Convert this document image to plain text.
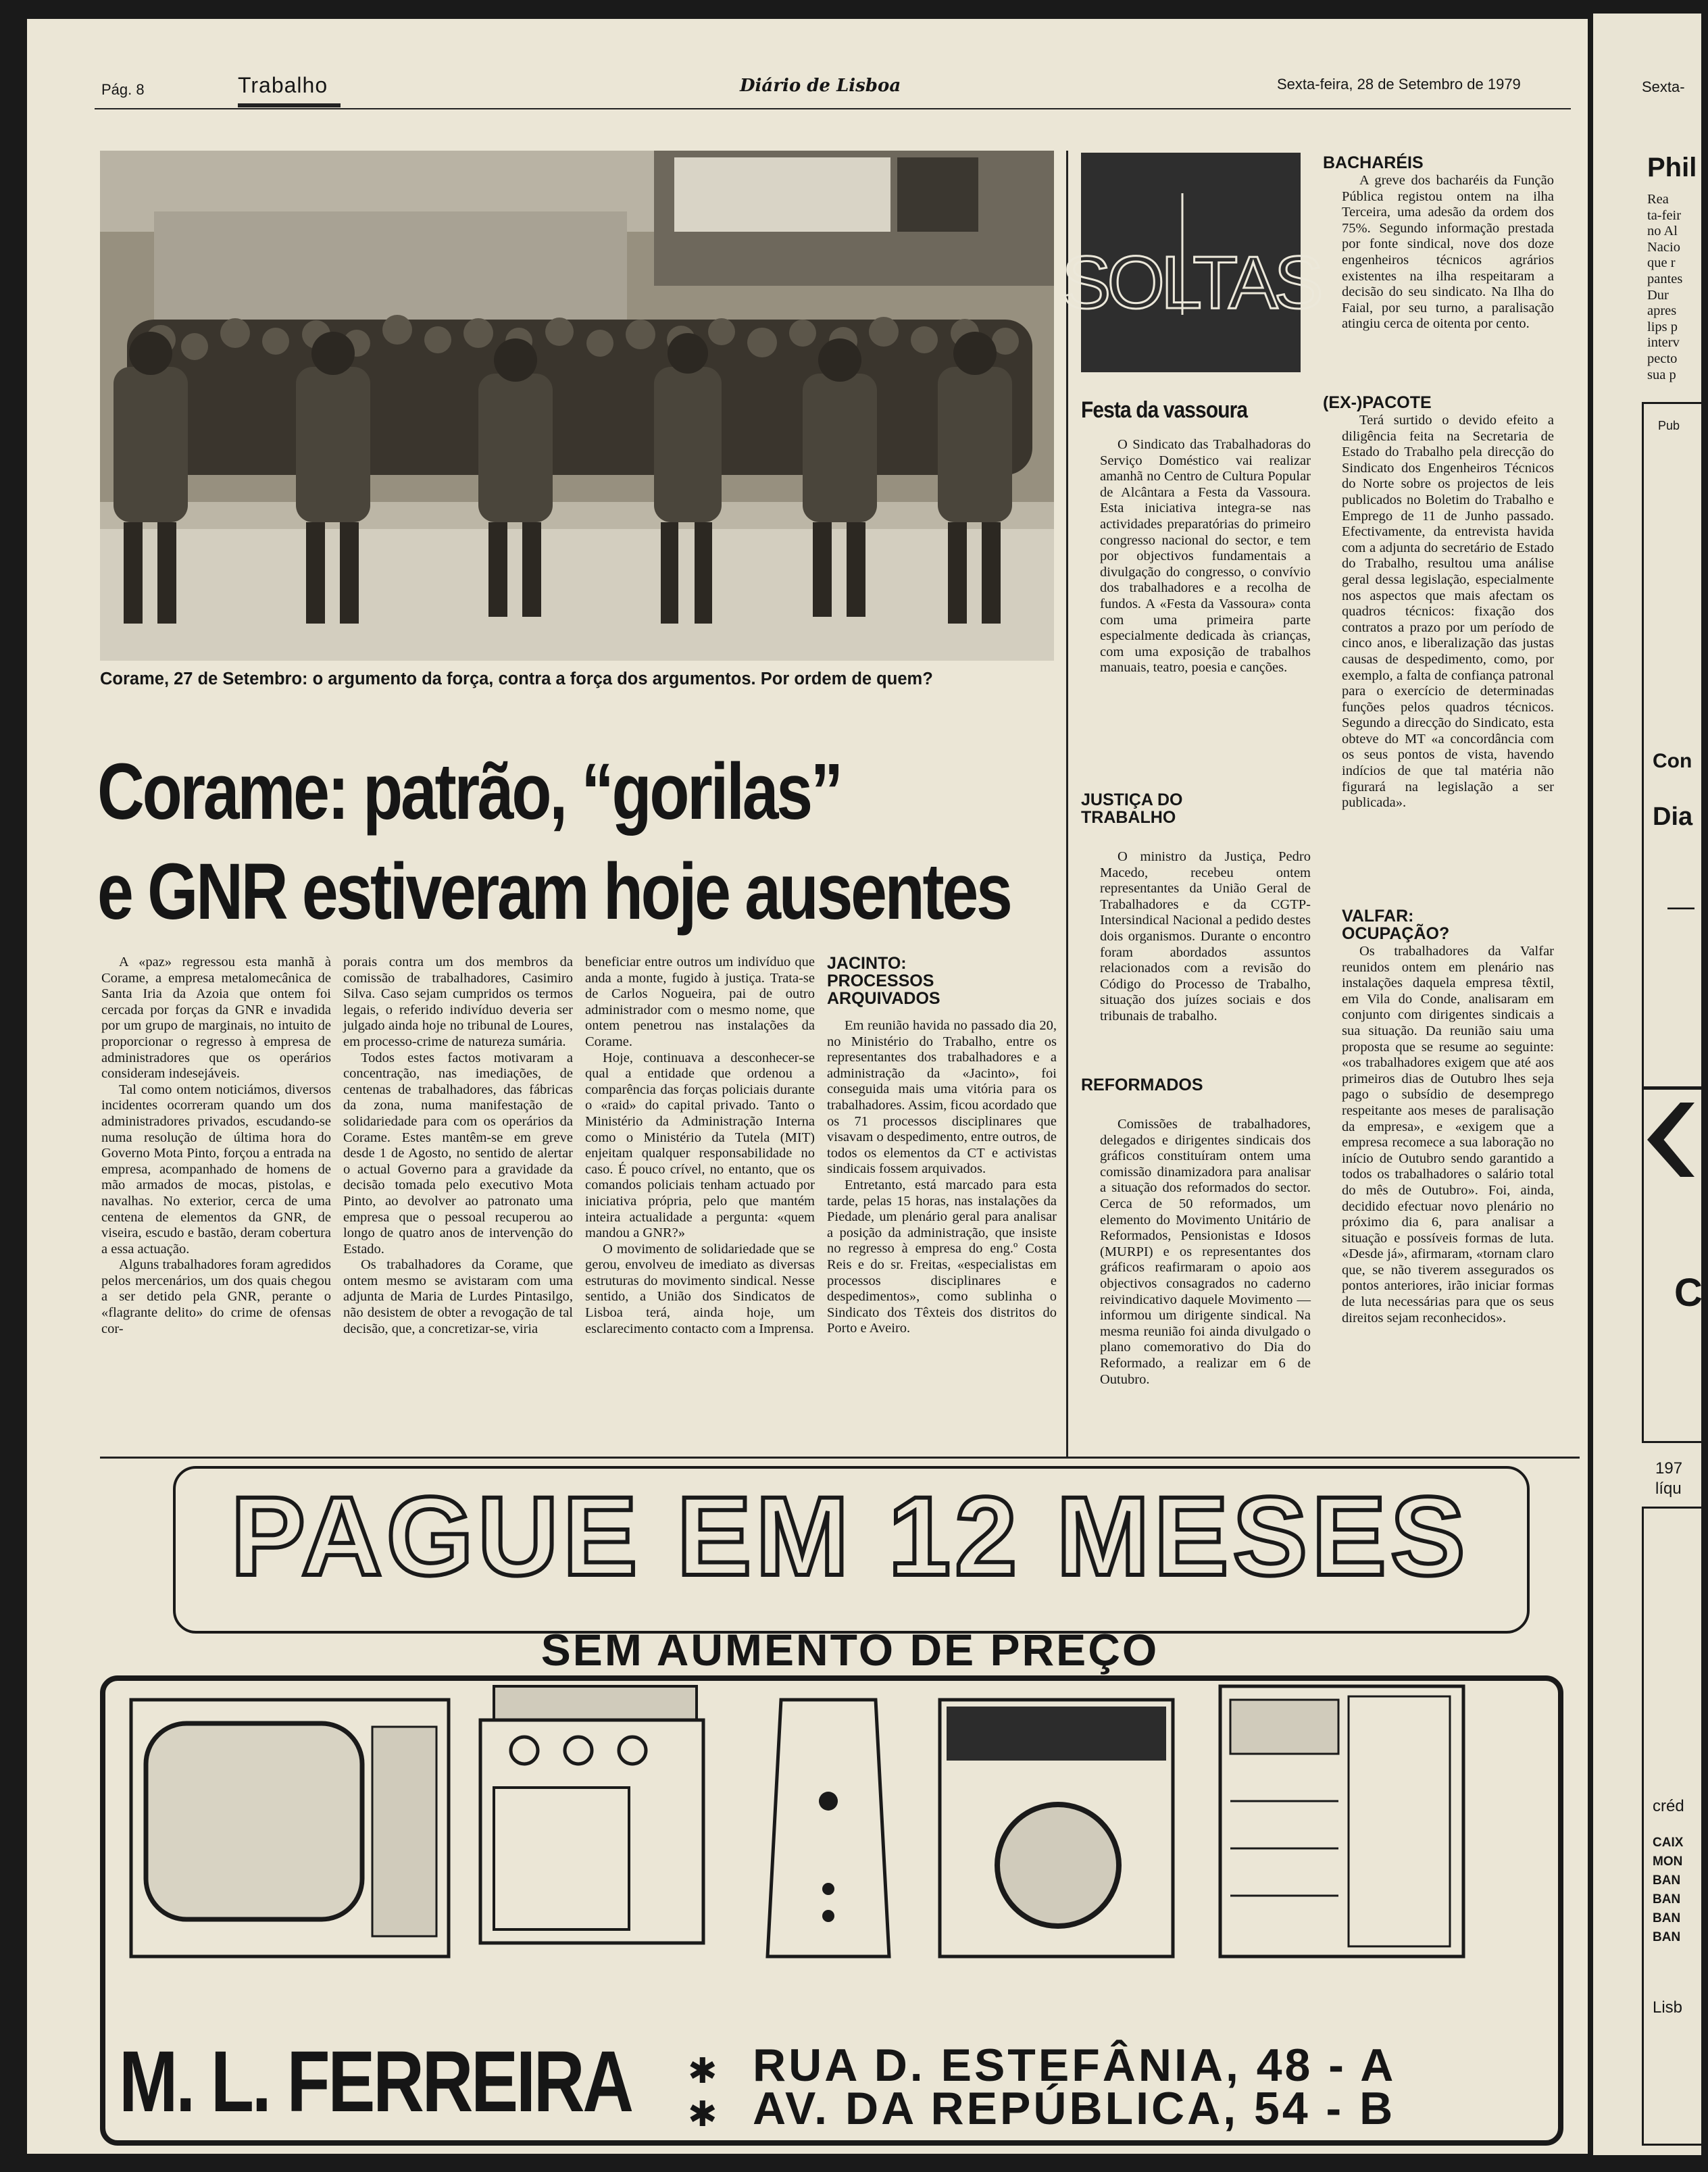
Pág. 8	Trabalho	Diário de Lisboa	Sexta-feira, 28 de Setembro de 1979
Corame, 27 de Setembro: o argumento da força, contra a força dos argumentos. Por ordem de quem?
Corame: patrão, “gorilas”
e GNR estiveram hoje ausentes

A «paz» regressou esta manhã à Corame, a empresa metalomecânica de Santa Iria da Azoia que ontem foi cercada por forças da GNR e invadida por um grupo de marginais, no intuito de proporcionar o regresso à empresa de administradores que os operários consideram indesejáveis.

Tal como ontem noticiámos, diversos incidentes ocorreram quando um dos administradores privados, escudando-se numa resolução de última hora do Governo Mota Pinto, forçou a entrada na empresa, acompanhado de homens de mão armados de mocas, pistolas, e navalhas. No exterior, cerca de uma centena de elementos da GNR, de viseira, escudo e bastão, deram cobertura a essa actuação.

Alguns trabalhadores foram agredidos pelos mercenários, um dos quais chegou a ser detido pela GNR, perante o «flagrante delito» do crime de ofensas cor-

porais contra um dos membros da comissão de trabalhadores, Casimiro Silva. Caso sejam cumpridos os termos legais, o referido indivíduo deveria ser julgado ainda hoje no tribunal de Loures, em processo-crime de natureza sumária.

Todos estes factos motivaram a concentração, nas imediações, de centenas de trabalhadores, das fábricas da zona, numa manifestação de solidariedade para com os operários da Corame. Estes mantêm-se em greve desde 1 de Agosto, no sentido de alertar o actual Governo para a gravidade da decisão tomada pelo executivo Mota Pinto, ao devolver ao patronato uma empresa que o pessoal recuperou ao longo de quatro anos de intervenção do Estado.

Os trabalhadores da Corame, que ontem mesmo se avistaram com uma adjunta de Maria de Lurdes Pintasilgo, não desistem de obter a revogação de tal decisão, que, a concretizar-se, viria

beneficiar entre outros um indivíduo que anda a monte, fugido à justiça. Trata-se de Carlos Nogueira, pai de outro administrador com o mesmo nome, que ontem penetrou nas instalações da Corame.

Hoje, continuava a desconhecer-se qual a entidade que ordenou a comparência das forças policiais durante o «raid» do capital privado. Tanto o Ministério da Administração Interna como o Ministério da Tutela (MIT) enjeitam qualquer responsabilidade no caso. É pouco crível, no entanto, que os comandos policiais tenham actuado por iniciativa própria, pelo que mantém inteira actualidade a pergunta: «quem mandou a GNR?»

O movimento de solidariedade que se gerou, envolveu de imediato as diversas estruturas do movimento sindical. Nesse sentido, a União dos Sindicatos de Lisboa terá, ainda hoje, um esclarecimento contacto com a Imprensa.

JACINTO: PROCESSOS ARQUIVADOS

Em reunião havida no passado dia 20, no Ministério do Trabalho, entre os representantes dos trabalhadores e a administração da «Jacinto», foi conseguida mais uma vitória para os trabalhadores. Assim, ficou acordado que os 71 processos disciplinares que visavam o despedimento, entre outros, de todos os elementos da CT e activistas sindicais fossem arquivados.

Entretanto, está marcado para esta tarde, pelas 15 horas, nas instalações da Piedade, um plenário geral para analisar a posição da administração, que insiste no regresso à empresa do eng.º Costa Reis e do sr. Freitas, «especialistas em processos disciplinares e despedimentos», como sublinha o Sindicato dos Têxteis dos distritos do Porto e Aveiro.

SOLTAS
Festa da vassoura

O Sindicato das Trabalhadoras do Serviço Doméstico vai realizar amanhã no Centro de Cultura Popular de Alcântara a Festa da Vassoura. Esta iniciativa integra-se nas actividades preparatórias do primeiro congresso nacional do sector, e tem por objectivos fundamentais a divulgação do congresso, o convívio dos trabalhadores e a recolha de fundos. A «Festa da Vassoura» conta com uma primeira parte especialmente dedicada às crianças, com uma exposição de trabalhos manuais, teatro, poesia e canções.

JUSTIÇA DO TRABALHO

O ministro da Justiça, Pedro Macedo, recebeu ontem representantes da União Geral de Trabalhadores e da CGTP-Intersindical Nacional a pedido destes dois organismos. Durante o encontro foram abordados assuntos relacionados com a revisão do Código do Processo de Trabalho, situação dos juízes sociais e dos tribunais de trabalho.

REFORMADOS

Comissões de trabalhadores, delegados e dirigentes sindicais dos gráficos constituíram ontem uma comissão dinamizadora para analisar a situação dos reformados do sector. Cerca de 50 reformados, um elemento do Movimento Unitário de Reformados, Pensionistas e Idosos (MURPI) e os representantes dos gráficos reafirmaram o apoio aos objectivos consagrados no caderno reivindicativo daquele Movimento — informou um dirigente sindical. Na mesma reunião foi ainda divulgado o plano comemorativo do Dia do Reformado, a realizar em 6 de Outubro.

BACHARÉIS

A greve dos bacharéis da Função Pública registou ontem na ilha Terceira, uma adesão da ordem dos 75%. Segundo informação prestada por fonte sindical, nove dos doze engenheiros técnicos agrários existentes na ilha respeitaram a decisão do seu sindicato. Na Ilha do Faial, por seu turno, a paralisação atingiu cerca de oitenta por cento.

(EX-)PACOTE

Terá surtido o devido efeito a diligência feita na Secretaria de Estado do Trabalho pela direcção do Sindicato dos Engenheiros Técnicos do Norte sobre os projectos de leis publicados no Boletim do Trabalho e Emprego de 11 de Junho passado. Efectivamente, da entrevista havida com a adjunta do secretário de Estado do Trabalho, resultou uma análise geral dessa legislação, especialmente nos aspectos que mais afectam os quadros técnicos: fixação dos contratos a prazo por um período de cinco anos, e liberalização das justas causas de despedimento, como, por exemplo, a falta de confiança patronal para o exercício de determinadas funções pelos quadros técnicos. Segundo a direcção do Sindicato, esta obteve do MT «a concordância com os seus pontos de vista, havendo indícios de que tal matéria não figurará na legislação a ser publicada».

VALFAR: OCUPAÇÃO?

Os trabalhadores da Valfar reunidos ontem em plenário nas instalações daquela empresa têxtil, em Vila do Conde, analisaram em conjunto com dirigentes sindicais a sua situação. Da reunião saiu uma proposta que se resume ao seguinte: «os trabalhadores exigem que até aos primeiros dias de Outubro lhes seja pago o subsídio de desemprego respeitante aos meses de paralisação da empresa», e «exigem que a empresa recomece a sua laboração no início de Outubro sendo garantido a todos os trabalhadores o salário total do mês de Outubro». Foi, ainda, decidido efectuar novo plenário no próximo dia 6, para analisar a situação e possíveis formas de luta. «Desde já», afirmaram, «tornam claro que, se não tiverem assegurados os pontos anteriores, irão iniciar formas de luta necessárias para que os seus direitos sejam reconhecidos».

PAGUE EM 12 MESES
SEM AUMENTO DE PREÇO
M. L. FERREIRA ✱
✱
RUA D. ESTEFÂNIA, 48 - A
AV. DA REPÚBLICA, 54 - B
Sexta-
Phil
Rea
ta-feir
no Al
Nacio
que r
pantes
Dur
apres
lips p
interv
pecto
sua p
Pub
Con
Dia
—
C
197
líqu
créd
CAIX
MON
BAN
BAN
BAN
BAN
Lisb
